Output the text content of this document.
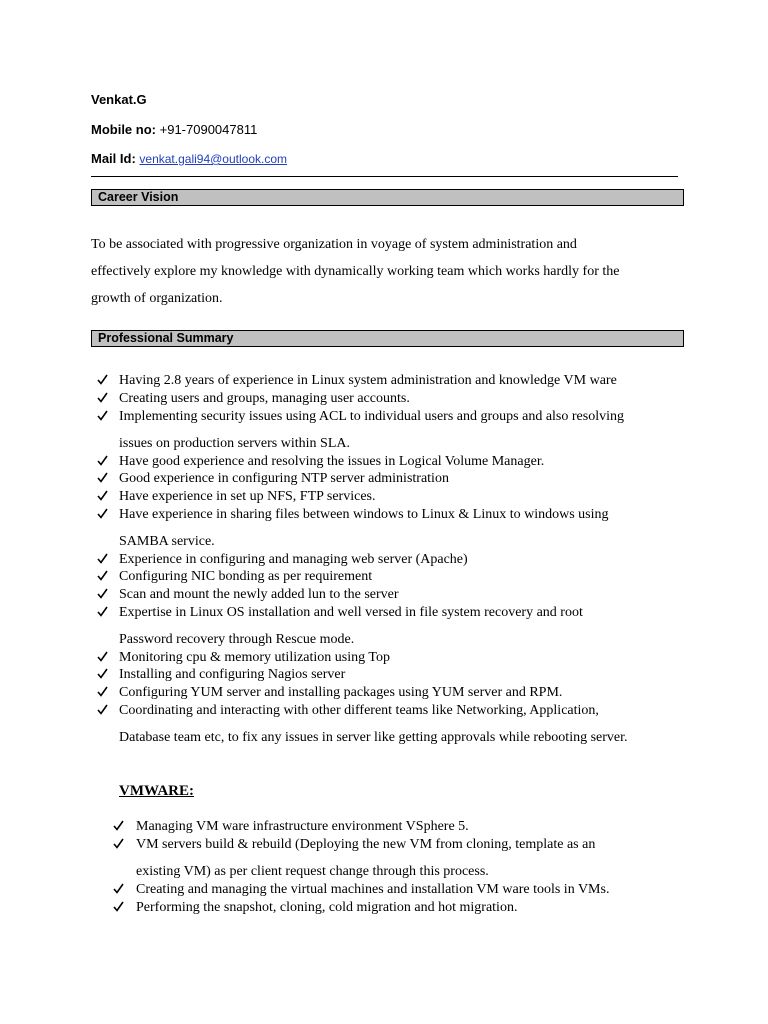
Venkat.G
Mobile no: +91-7090047811
Mail Id: venkat.gali94@outlook.com
Career Vision
To be associated with progressive organization in voyage of system administration and
effectively explore my knowledge with dynamically working team which works hardly for the
growth of organization.
Professional Summary
Having 2.8 years of experience in Linux system administration and knowledge VM ware
Creating users and groups, managing user accounts.
Implementing security issues using ACL to individual users and groups and also resolving
issues on production servers within SLA.
Have good experience and resolving the issues in Logical Volume Manager.
Good experience in configuring NTP server administration
Have experience in set up NFS, FTP services.
Have experience in sharing files between windows to Linux & Linux to windows using
SAMBA service.
Experience in configuring and managing web server (Apache)
Configuring NIC bonding as per requirement
Scan and mount the newly added lun to the server
Expertise in Linux OS installation and well versed in file system recovery and root
Password recovery through Rescue mode.
Monitoring cpu & memory utilization using Top
Installing and configuring Nagios server
Configuring YUM server and installing packages using YUM server and RPM.
Coordinating and interacting with other different teams like Networking, Application,
Database team etc, to fix any issues in server like getting approvals while rebooting server.
VMWARE:
Managing VM ware infrastructure environment VSphere 5.
VM servers build & rebuild (Deploying the new VM from cloning, template as an
existing VM) as per client request change through this process.
Creating and managing the virtual machines and installation VM ware tools in VMs.
Performing the snapshot, cloning, cold migration and hot migration.
